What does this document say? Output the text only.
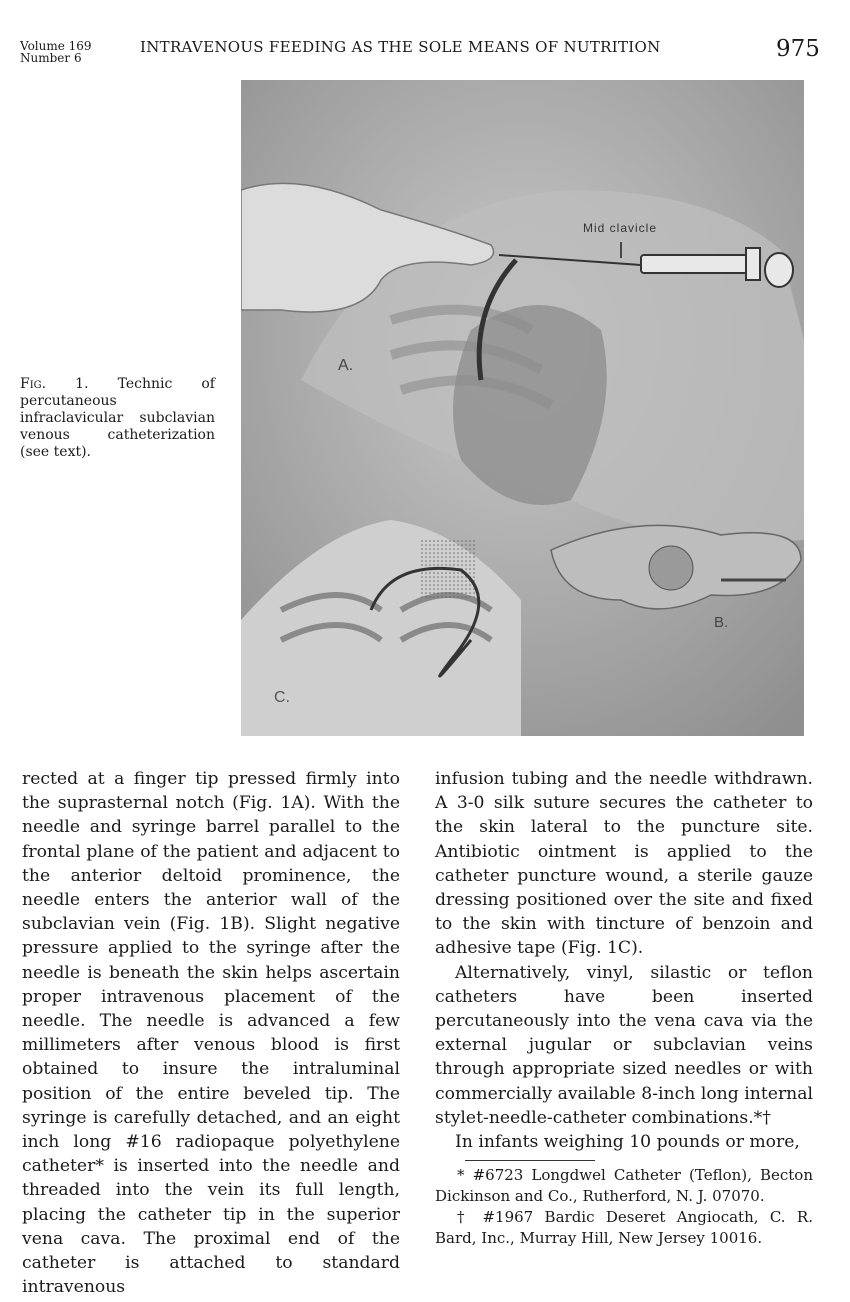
Volume 169
Number 6
INTRAVENOUS FEEDING AS THE SOLE MEANS OF NUTRITION	975
Mid clavicle
A.
B.
C.
Fig. 1. Technic of percutaneous infraclavicular subclavian venous catheterization (see text).

rected at a finger tip pressed firmly into the suprasternal notch (Fig. 1A). With the needle and syringe barrel parallel to the frontal plane of the patient and adjacent to the anterior deltoid prominence, the needle enters the anterior wall of the subclavian vein (Fig. 1B). Slight negative pressure applied to the syringe after the needle is beneath the skin helps ascertain proper intravenous placement of the needle. The needle is advanced a few millimeters after venous blood is first obtained to insure the intraluminal position of the entire beveled tip. The syringe is carefully detached, and an eight inch long #16 radiopaque polyethylene catheter* is inserted into the needle and threaded into the vein its full length, placing the catheter tip in the superior vena cava. The proximal end of the catheter is attached to standard intravenous

infusion tubing and the needle withdrawn. A 3-0 silk suture secures the catheter to the skin lateral to the puncture site. Antibiotic ointment is applied to the catheter puncture wound, a sterile gauze dressing positioned over the site and fixed to the skin with tincture of benzoin and adhesive tape (Fig. 1C).

Alternatively, vinyl, silastic or teflon catheters have been inserted percutaneously into the vena cava via the external jugular or subclavian veins through appropriate sized needles or with commercially available 8-inch long internal stylet-needle-catheter combinations.*†

In infants weighing 10 pounds or more,

* #6723 Longdwel Catheter (Teflon), Becton Dickinson and Co., Rutherford, N. J. 07070.

† #1967 Bardic Deseret Angiocath, C. R. Bard, Inc., Murray Hill, New Jersey 10016.
